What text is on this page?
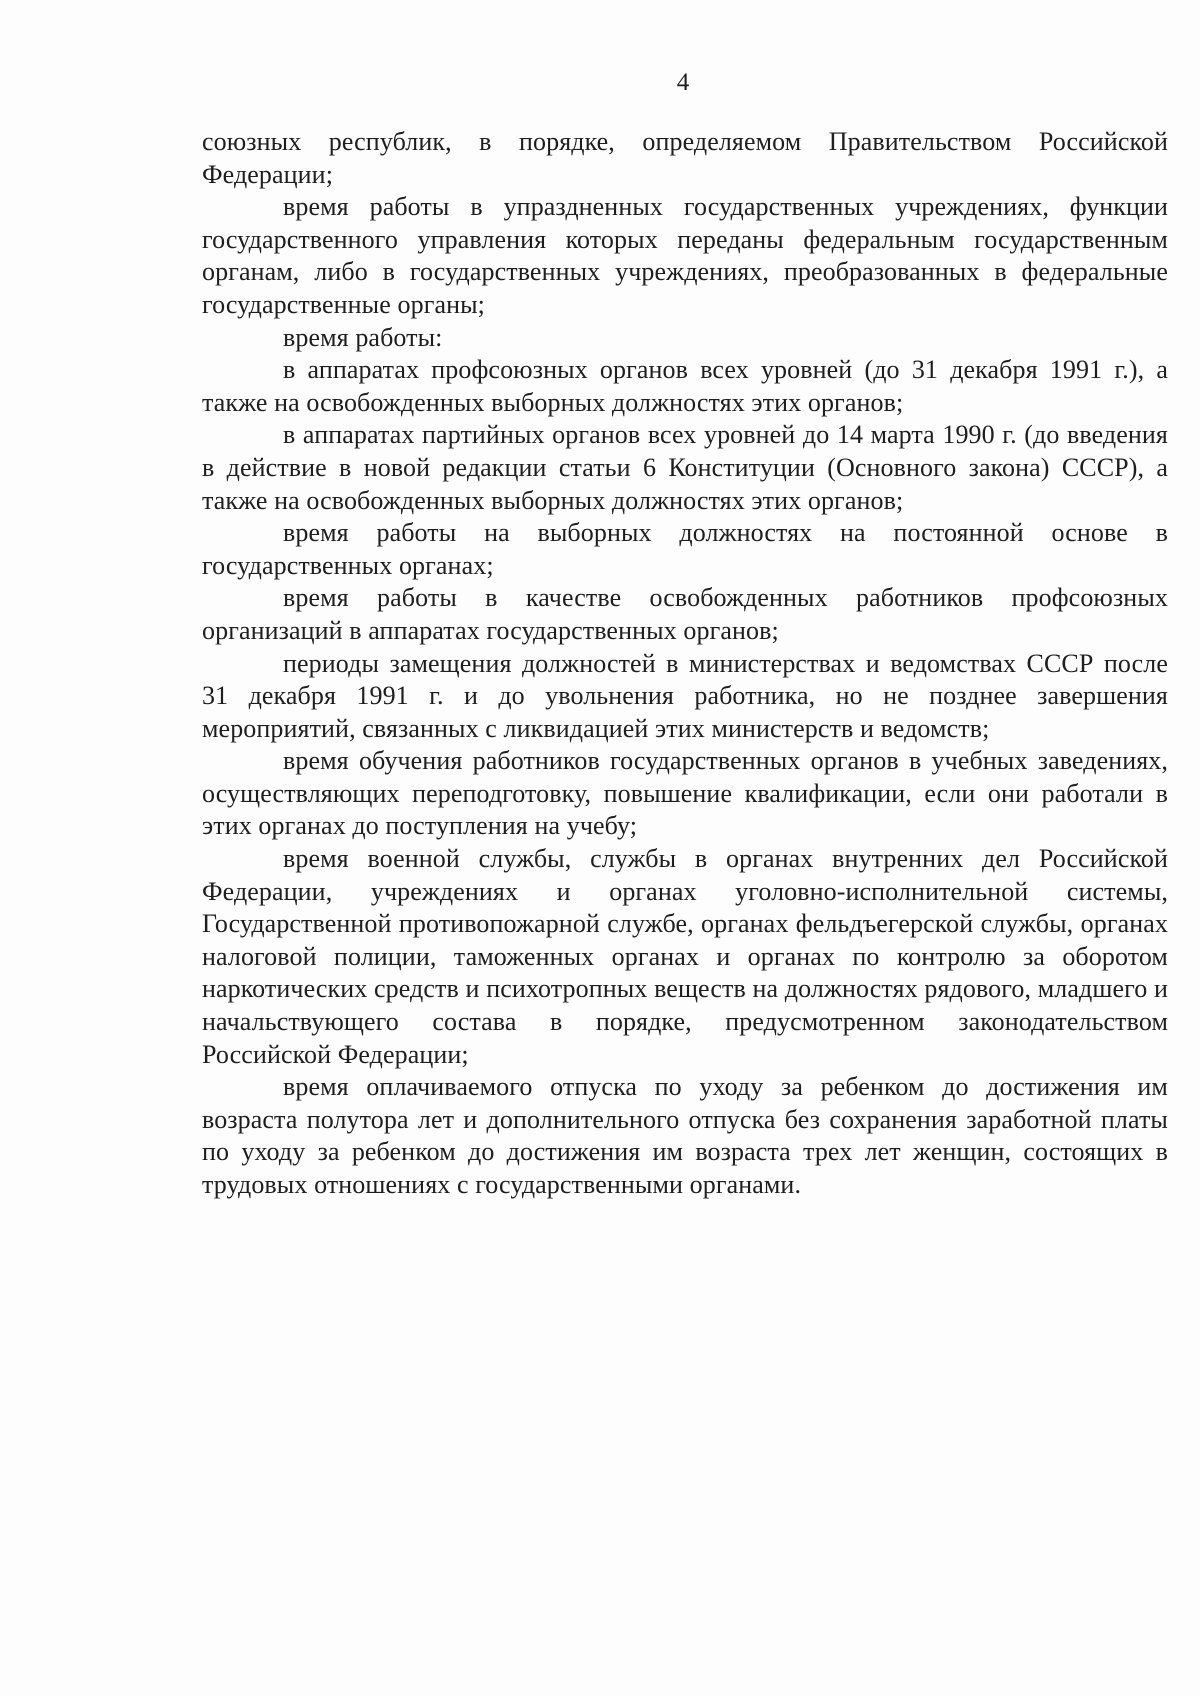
4

союзных республик, в порядке, определяемом Правительством Российской Федерации;

время работы в упраздненных государственных учреждениях, функции государственного управления которых переданы федеральным государственным органам, либо в государственных учреждениях, преобразованных в федеральные государственные органы;

время работы:

в аппаратах профсоюзных органов всех уровней (до 31 декабря 1991 г.), а также на освобожденных выборных должностях этих органов;

в аппаратах партийных органов всех уровней до 14 марта 1990 г. (до введения в действие в новой редакции статьи 6 Конституции (Основного закона) СССР), а также на освобожденных выборных должностях этих органов;

время работы на выборных должностях на постоянной основе в государственных органах;

время работы в качестве освобожденных работников профсоюзных организаций в аппаратах государственных органов;

периоды замещения должностей в министерствах и ведомствах СССР после 31 декабря 1991 г. и до увольнения работника, но не позднее завершения мероприятий, связанных с ликвидацией этих министерств и ведомств;

время обучения работников государственных органов в учебных заведениях, осуществляющих переподготовку, повышение квалификации, если они работали в этих органах до поступления на учебу;

время военной службы, службы в органах внутренних дел Российской Федерации, учреждениях и органах уголовно-исполнительной системы, Государственной противопожарной службе, органах фельдъегерской службы, органах налоговой полиции, таможенных органах и органах по контролю за оборотом наркотических средств и психотропных веществ на должностях рядового, младшего и начальствующего состава в порядке, предусмотренном законодательством Российской Федерации;

время оплачиваемого отпуска по уходу за ребенком до достижения им возраста полутора лет и дополнительного отпуска без сохранения заработной платы по уходу за ребенком до достижения им возраста трех лет женщин, состоящих в трудовых отношениях с государственными органами.
